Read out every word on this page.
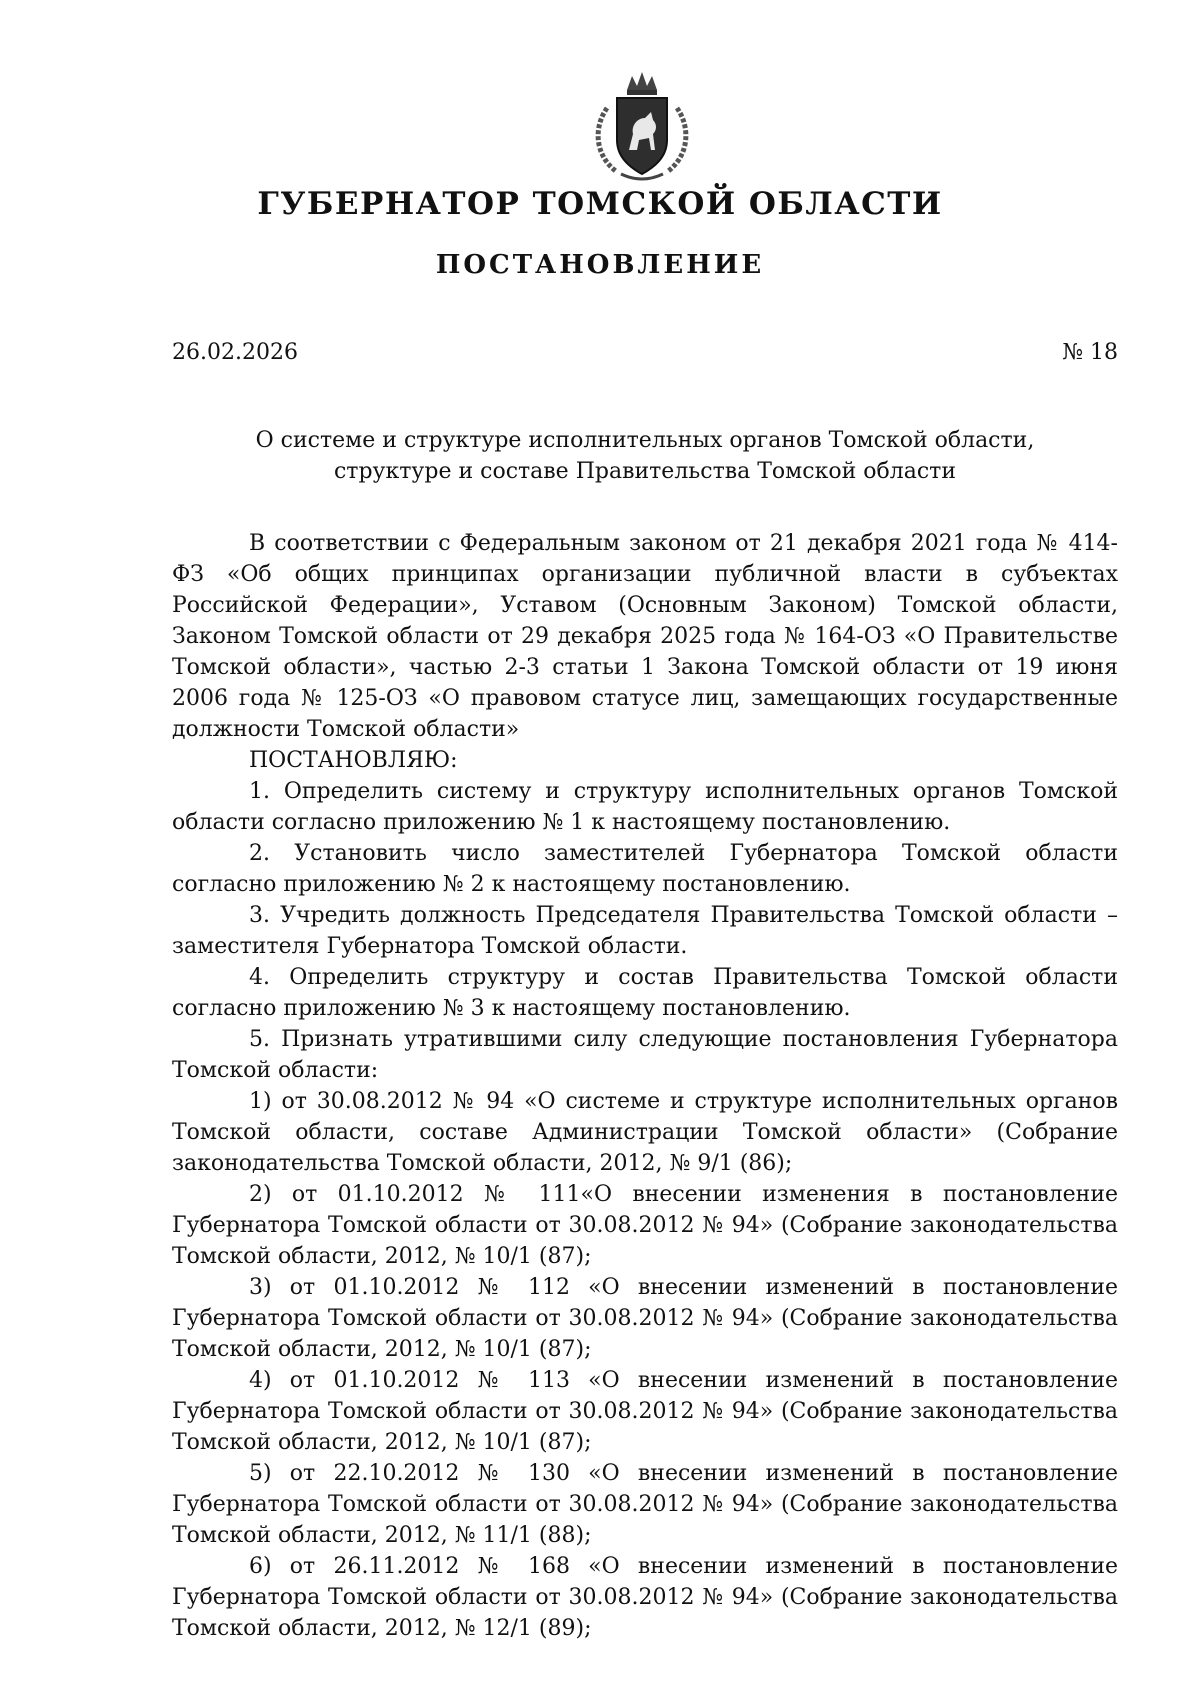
ГУБЕРНАТОР ТОМСКОЙ ОБЛАСТИ
ПОСТАНОВЛЕНИЕ
26.02.2026	№ 18
О системе и структуре исполнительных органов Томской области,
структуре и составе Правительства Томской области

В соответствии с Федеральным законом от 21 декабря 2021 года № 414-ФЗ «Об общих принципах организации публичной власти в субъектах Российской Федерации», Уставом (Основным Законом) Томской области, Законом Томской области от 29 декабря 2025 года № 164-ОЗ «О Правительстве Томской области», частью 2-3 статьи 1 Закона Томской области от 19 июня 2006 года № 125-ОЗ «О правовом статусе лиц, замещающих государственные должности Томской области»

ПОСТАНОВЛЯЮ:

1. Определить систему и структуру исполнительных органов Томской области согласно приложению № 1 к настоящему постановлению.

2. Установить число заместителей Губернатора Томской области согласно приложению № 2 к настоящему постановлению.

3. Учредить должность Председателя Правительства Томской области – заместителя Губернатора Томской области.

4. Определить структуру и состав Правительства Томской области согласно приложению № 3 к настоящему постановлению.

5. Признать утратившими силу следующие постановления Губернатора Томской области:

1) от 30.08.2012 № 94 «О системе и структуре исполнительных органов Томской области, составе Администрации Томской области» (Собрание законодательства Томской области, 2012, № 9/1 (86);

2) от 01.10.2012 № 111«О внесении изменения в постановление Губернатора Томской области от 30.08.2012 № 94» (Собрание законодательства Томской области, 2012, № 10/1 (87);

3) от 01.10.2012 № 112 «О внесении изменений в постановление Губернатора Томской области от 30.08.2012 № 94» (Собрание законодательства Томской области, 2012, № 10/1 (87);

4) от 01.10.2012 № 113 «О внесении изменений в постановление Губернатора Томской области от 30.08.2012 № 94» (Собрание законодательства Томской области, 2012, № 10/1 (87);

5) от 22.10.2012 № 130 «О внесении изменений в постановление Губернатора Томской области от 30.08.2012 № 94» (Собрание законодательства Томской области, 2012, № 11/1 (88);

6) от 26.11.2012 № 168 «О внесении изменений в постановление Губернатора Томской области от 30.08.2012 № 94» (Собрание законодательства Томской области, 2012, № 12/1 (89);
